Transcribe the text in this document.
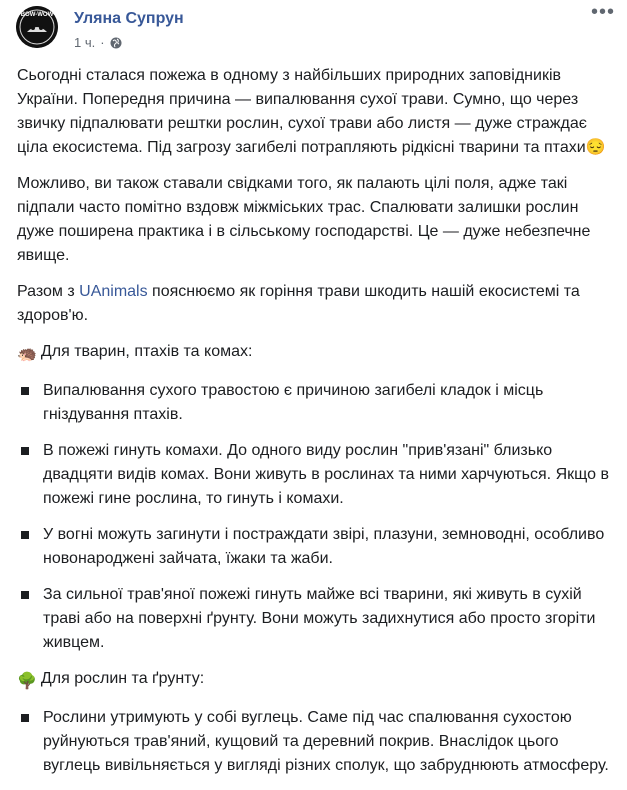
BOW-WOW Уляна Супрун
1 ч. ·
•••

Сьогодні сталася пожежа в одному з найбільших природних заповідників України. Попередня причина — випалювання сухої трави. Сумно, що через звичку підпалювати рештки рослин, сухої трави або листя — дуже страждає ціла екосистема. Під загрозу загибелі потрапляють рідкісні тварини та птахи😔

Можливо, ви також ставали свідками того, як палають цілі поля, адже такі підпали часто помітно вздовж міжміських трас. Спалювати залишки рослин дуже поширена практика і в сільському господарстві. Це — дуже небезпечне явище.

Разом з UAnimals пояснюємо як горіння трави шкодить нашій екосистемі та здоров'ю.

🦔 Для тварин, птахів та комах:

Випалювання сухого травостою є причиною загибелі кладок і місць гніздування птахів.
В пожежі гинуть комахи. До одного виду рослин "прив'язані" близько двадцяти видів комах. Вони живуть в рослинах та ними харчуються. Якщо в пожежі гине рослина, то гинуть і комахи.
У вогні можуть загинути і постраждати звірі, плазуни, земноводні, особливо новонароджені зайчата, їжаки та жаби.
За сильної трав'яної пожежі гинуть майже всі тварини, які живуть в сухій траві або на поверхні ґрунту. Вони можуть задихнутися або просто згоріти живцем.

🌳 Для рослин та ґрунту:

Рослини утримують у собі вуглець. Саме під час спалювання сухостою руйнуються трав'яний, кущовий та деревний покрив. Внаслідок цього вуглець вивільняється у вигляді різних сполук, що забруднюють атмосферу.
